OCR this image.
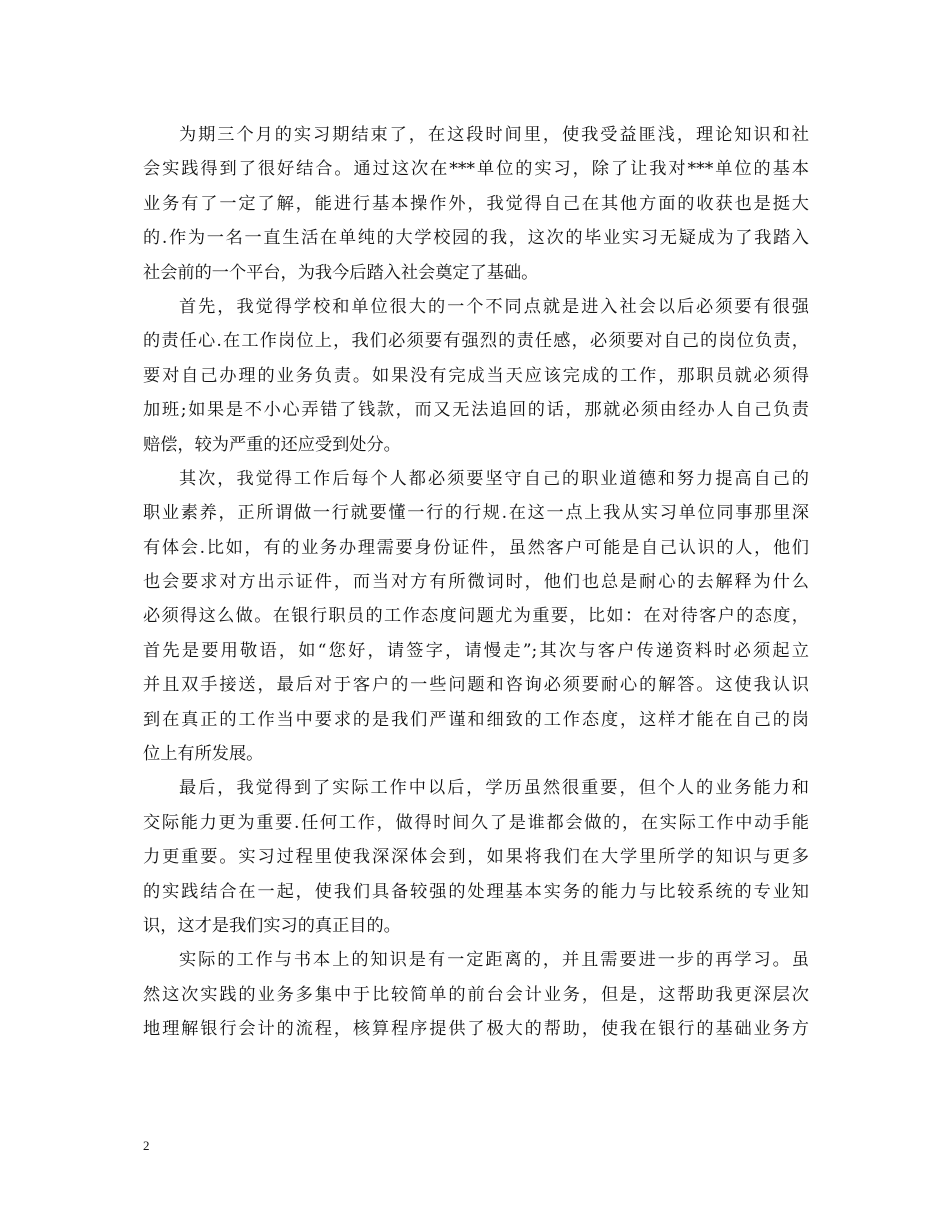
为期三个月的实习期结束了，在这段时间里，使我受益匪浅，理论知识和社
会实践得到了很好结合。通过这次在***单位的实习，除了让我对***单位的基本
业务有了一定了解，能进行基本操作外，我觉得自己在其他方面的收获也是挺大
的.作为一名一直生活在单纯的大学校园的我，这次的毕业实习无疑成为了我踏入
社会前的一个平台，为我今后踏入社会奠定了基础。
首先，我觉得学校和单位很大的一个不同点就是进入社会以后必须要有很强
的责任心.在工作岗位上，我们必须要有强烈的责任感，必须要对自己的岗位负责，
要对自己办理的业务负责。如果没有完成当天应该完成的工作，那职员就必须得
加班;如果是不小心弄错了钱款，而又无法追回的话，那就必须由经办人自己负责
赔偿，较为严重的还应受到处分。
其次，我觉得工作后每个人都必须要坚守自己的职业道德和努力提高自己的
职业素养，正所谓做一行就要懂一行的行规.在这一点上我从实习单位同事那里深
有体会.比如，有的业务办理需要身份证件，虽然客户可能是自己认识的人，他们
也会要求对方出示证件，而当对方有所微词时，他们也总是耐心的去解释为什么
必须得这么做。在银行职员的工作态度问题尤为重要，比如：在对待客户的态度，
首先是要用敬语，如“您好，请签字，请慢走”;其次与客户传递资料时必须起立
并且双手接送，最后对于客户的一些问题和咨询必须要耐心的解答。这使我认识
到在真正的工作当中要求的是我们严谨和细致的工作态度，这样才能在自己的岗
位上有所发展。
最后，我觉得到了实际工作中以后，学历虽然很重要，但个人的业务能力和
交际能力更为重要.任何工作，做得时间久了是谁都会做的，在实际工作中动手能
力更重要。实习过程里使我深深体会到，如果将我们在大学里所学的知识与更多
的实践结合在一起，使我们具备较强的处理基本实务的能力与比较系统的专业知
识，这才是我们实习的真正目的。
实际的工作与书本上的知识是有一定距离的，并且需要进一步的再学习。虽
然这次实践的业务多集中于比较简单的前台会计业务，但是，这帮助我更深层次
地理解银行会计的流程，核算程序提供了极大的帮助，使我在银行的基础业务方
2
